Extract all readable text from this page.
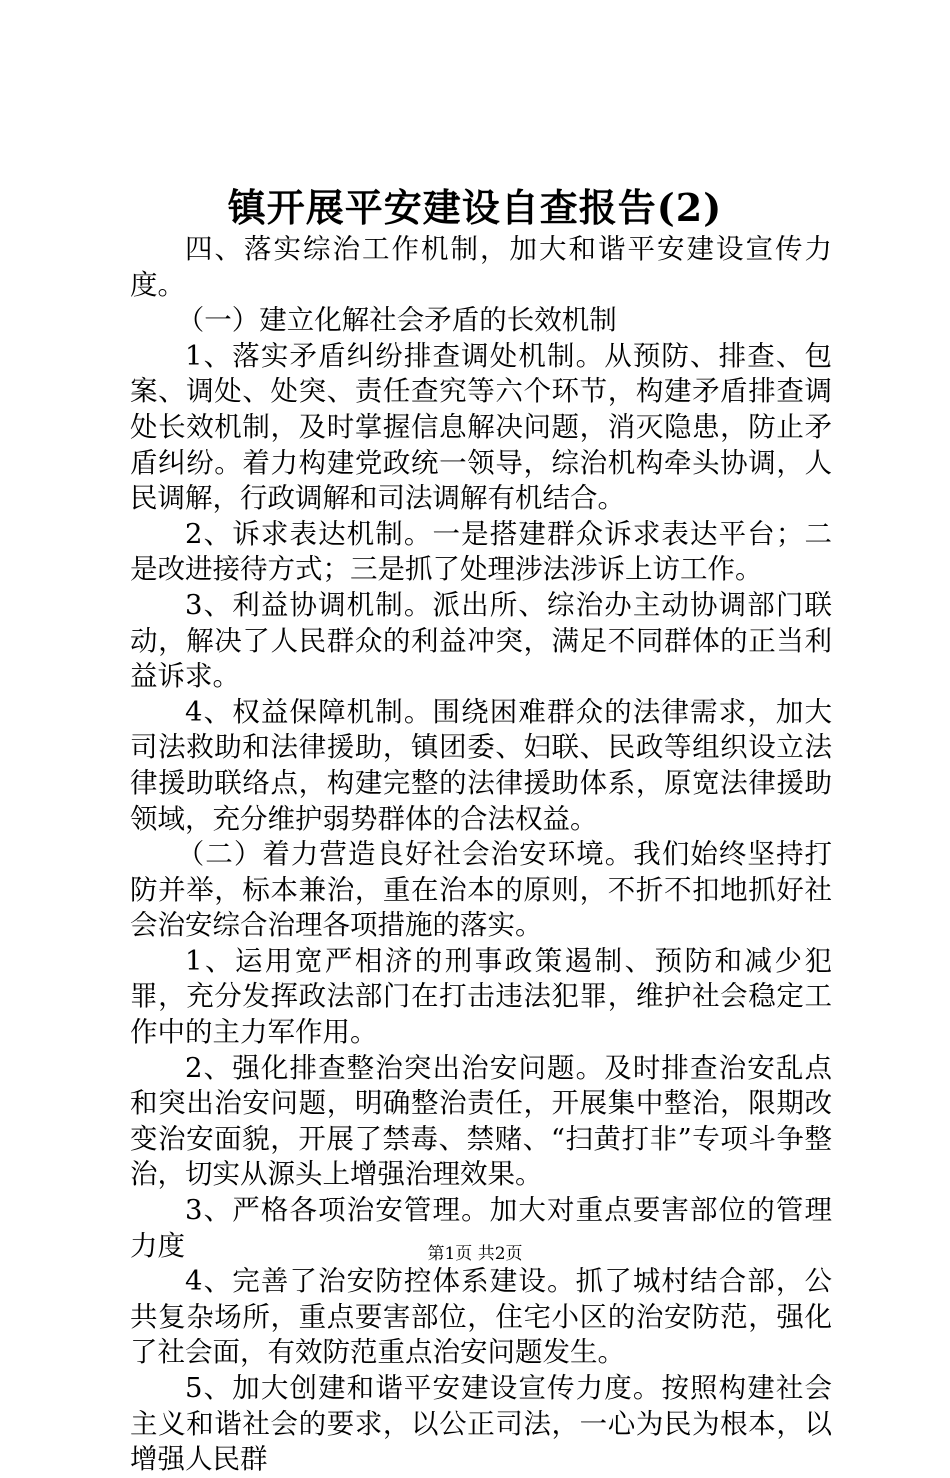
镇开展平安建设自查报告(2)

四、落实综治工作机制，加大和谐平安建设宣传力度。

（一）建立化解社会矛盾的长效机制

1、落实矛盾纠纷排查调处机制。从预防、排查、包案、调处、处突、责任查究等六个环节，构建矛盾排查调处长效机制，及时掌握信息解决问题，消灭隐患，防止矛盾纠纷。着力构建党政统一领导，综治机构牵头协调，人民调解，行政调解和司法调解有机结合。

2、诉求表达机制。一是搭建群众诉求表达平台；二是改进接待方式；三是抓了处理涉法涉诉上访工作。

3、利益协调机制。派出所、综治办主动协调部门联动，解决了人民群众的利益冲突，满足不同群体的正当利益诉求。

4、权益保障机制。围绕困难群众的法律需求，加大司法救助和法律援助，镇团委、妇联、民政等组织设立法律援助联络点，构建完整的法律援助体系，原宽法律援助领域，充分维护弱势群体的合法权益。

（二）着力营造良好社会治安环境。我们始终坚持打防并举，标本兼治，重在治本的原则，不折不扣地抓好社会治安综合治理各项措施的落实。

1、运用宽严相济的刑事政策遏制、预防和减少犯罪，充分发挥政法部门在打击违法犯罪，维护社会稳定工作中的主力军作用。

2、强化排查整治突出治安问题。及时排查治安乱点和突出治安问题，明确整治责任，开展集中整治，限期改变治安面貌，开展了禁毒、禁赌、“扫黄打非”专项斗争整治，切实从源头上增强治理效果。

3、严格各项治安管理。加大对重点要害部位的管理力度

4、完善了治安防控体系建设。抓了城村结合部，公共复杂场所，重点要害部位，住宅小区的治安防范，强化了社会面，有效防范重点治安问题发生。

5、加大创建和谐平安建设宣传力度。按照构建社会主义和谐社会的要求，以公正司法，一心为民为根本，以增强人民群

第1页 共2页
